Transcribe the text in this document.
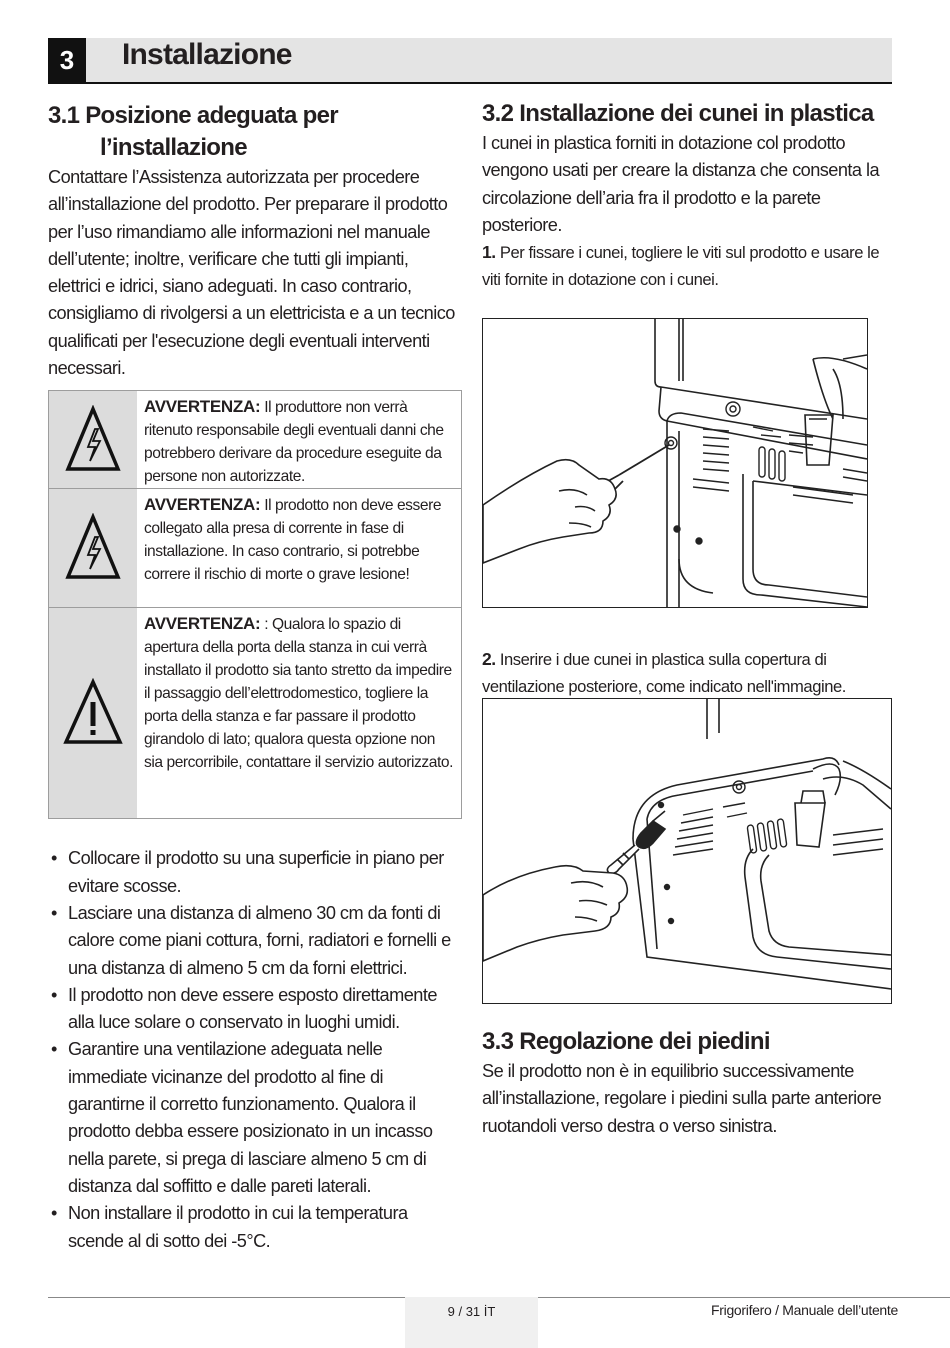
3	Installazione
3.1 Posizione adeguata per
l’installazione

Contattare l’Assistenza autorizzata per procedere all’installazione del prodotto. Per preparare il prodotto per l’uso rimandiamo alle informazioni nel manuale dell’utente; inoltre, verificare che tutti gli impianti, elettrici e idrici, siano adeguati. In caso contrario, consigliamo di rivolgersi a un elettricista e a un tecnico qualificati per l'esecuzione degli eventuali interventi necessari.

AVVERTENZA: Il produttore non verrà ritenuto responsabile degli eventuali danni che potrebbero derivare da procedure eseguite da persone non autorizzate.
AVVERTENZA: Il prodotto non deve essere collegato alla presa di corrente in fase di installazione. In caso contrario, si potrebbe correre il rischio di morte o grave lesione!
AVVERTENZA: : Qualora lo spazio di apertura della porta della stanza in cui verrà installato il prodotto sia tanto stretto da impedire il passaggio dell’elettrodomestico, togliere la porta della stanza e far passare il prodotto girandolo di lato; qualora questa opzione non sia percorribile, contattare il servizio autorizzato.
• Collocare il prodotto su una superficie in piano per evitare scosse.
• Lasciare una distanza di almeno 30 cm da fonti di calore come piani cottura, forni, radiatori e fornelli e una distanza di almeno 5 cm da forni elettrici.
• Il prodotto non deve essere esposto direttamente alla luce solare o conservato in luoghi umidi.
• Garantire una ventilazione adeguata nelle immediate vicinanze del prodotto al fine di garantirne il corretto funzionamento. Qualora il prodotto debba essere posizionato in un incasso nella parete, si prega di lasciare almeno 5 cm di distanza dal soffitto e dalle pareti laterali.
• Non installare il prodotto in cui la temperatura scende al di sotto dei -5°C.
3.2 Installazione dei cunei in plastica

I cunei in plastica forniti in dotazione col prodotto vengono usati per creare la distanza che consenta la circolazione dell’aria fra il prodotto e la parete posteriore.

1. Per fissare i cunei, togliere le viti sul prodotto e usare le viti fornite in dotazione con i cunei.

2. Inserire i due cunei in plastica sulla copertura di ventilazione posteriore, come indicato nell'immagine.

3.3 Regolazione dei piedini

Se il prodotto non è in equilibrio successivamente all’installazione, regolare i piedini sulla parte anteriore ruotandoli verso destra o verso sinistra.

9 / 31 İT	Frigorifero / Manuale dell’utente
